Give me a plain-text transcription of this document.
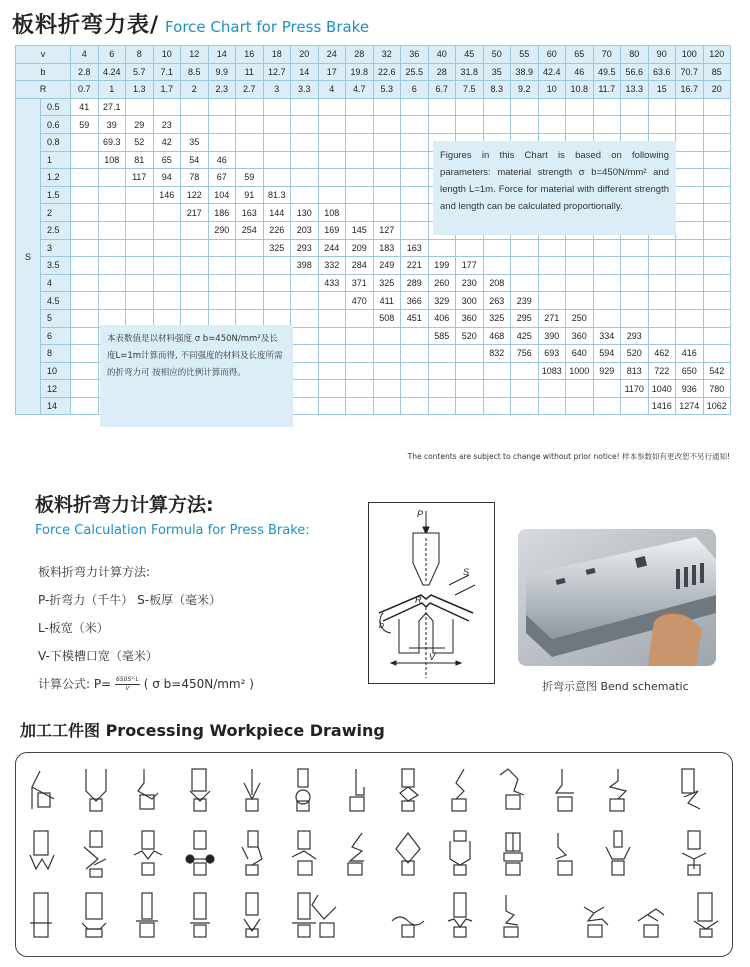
板料折弯力表/ Force Chart for Press Brake
v		4	6	8	10	12	14	16	18	20	24	28	32	36	40	45	50	55	60	65	70	80	90	100	120
b		2.8	4.24	5.7	7.1	8.5	9.9	11	12.7	14	17	19.8	22.6	25.5	28	31.8	35	38.9	42.4	46	49.5	56.6	63.6	70.7	85
R		0.7	1	1.3	1.7	2	2.3	2.7	3	3.3	4	4.7	5.3	6	6.7	7.5	8.3	9.2	10	10.8	11.7	13.3	15	16.7	20
S	0.5	41	27.1																						
	0.6	59	39	29	23																				
	0.8		69.3	52	42	35																			
	1		108	81	65	54	46																		
	1.2			117	94	78	67	59																	
	1.5				146	122	104	91	81.3																
	2					217	186	163	144	130	108														
	2.5						290	254	226	203	169	145	127												
	3								325	293	244	209	183	163											
	3.5									398	332	284	249	221	199	177									
	4										433	371	325	289	260	230	208								
	4.5											470	411	366	329	300	263	239							
	5												508	451	406	360	325	295	271	250					
	6														585	520	468	425	390	360	334	293			
	8																832	756	693	640	594	520	462	416	
	10																		1083	1000	929	813	722	650	542
	12																					1170	1040	936	780
	14																						1416	1274	1062
Figures in this Chart is based on following parameters: material strength σ b=450N/mm² and length L=1m. Force for material with different strength and length can be calculated proportionally.
本表数值是以材料强度 σ b=450N/mm²及长度L=1m计算而得, 不同强度的材料及长度所需的折弯力可 按相应的比例计算而得。
The contents are subject to change without prior notice! 样本参数如有更改恕不另行通知!
板料折弯力计算方法:
Force Calculation Formula for Press Brake:
板料折弯力计算方法:
P-折弯力（千牛） S-板厚（毫米）
L-板宽（米）
V-下模槽口宽（毫米）
计算公式: $P= \frac{\text{650S²·L}}{V}$ ( σ b=450N/mm² )
P
S
R
b
V
折弯示意图 Bend schematic
加工工件图 Processing Workpiece Drawing
